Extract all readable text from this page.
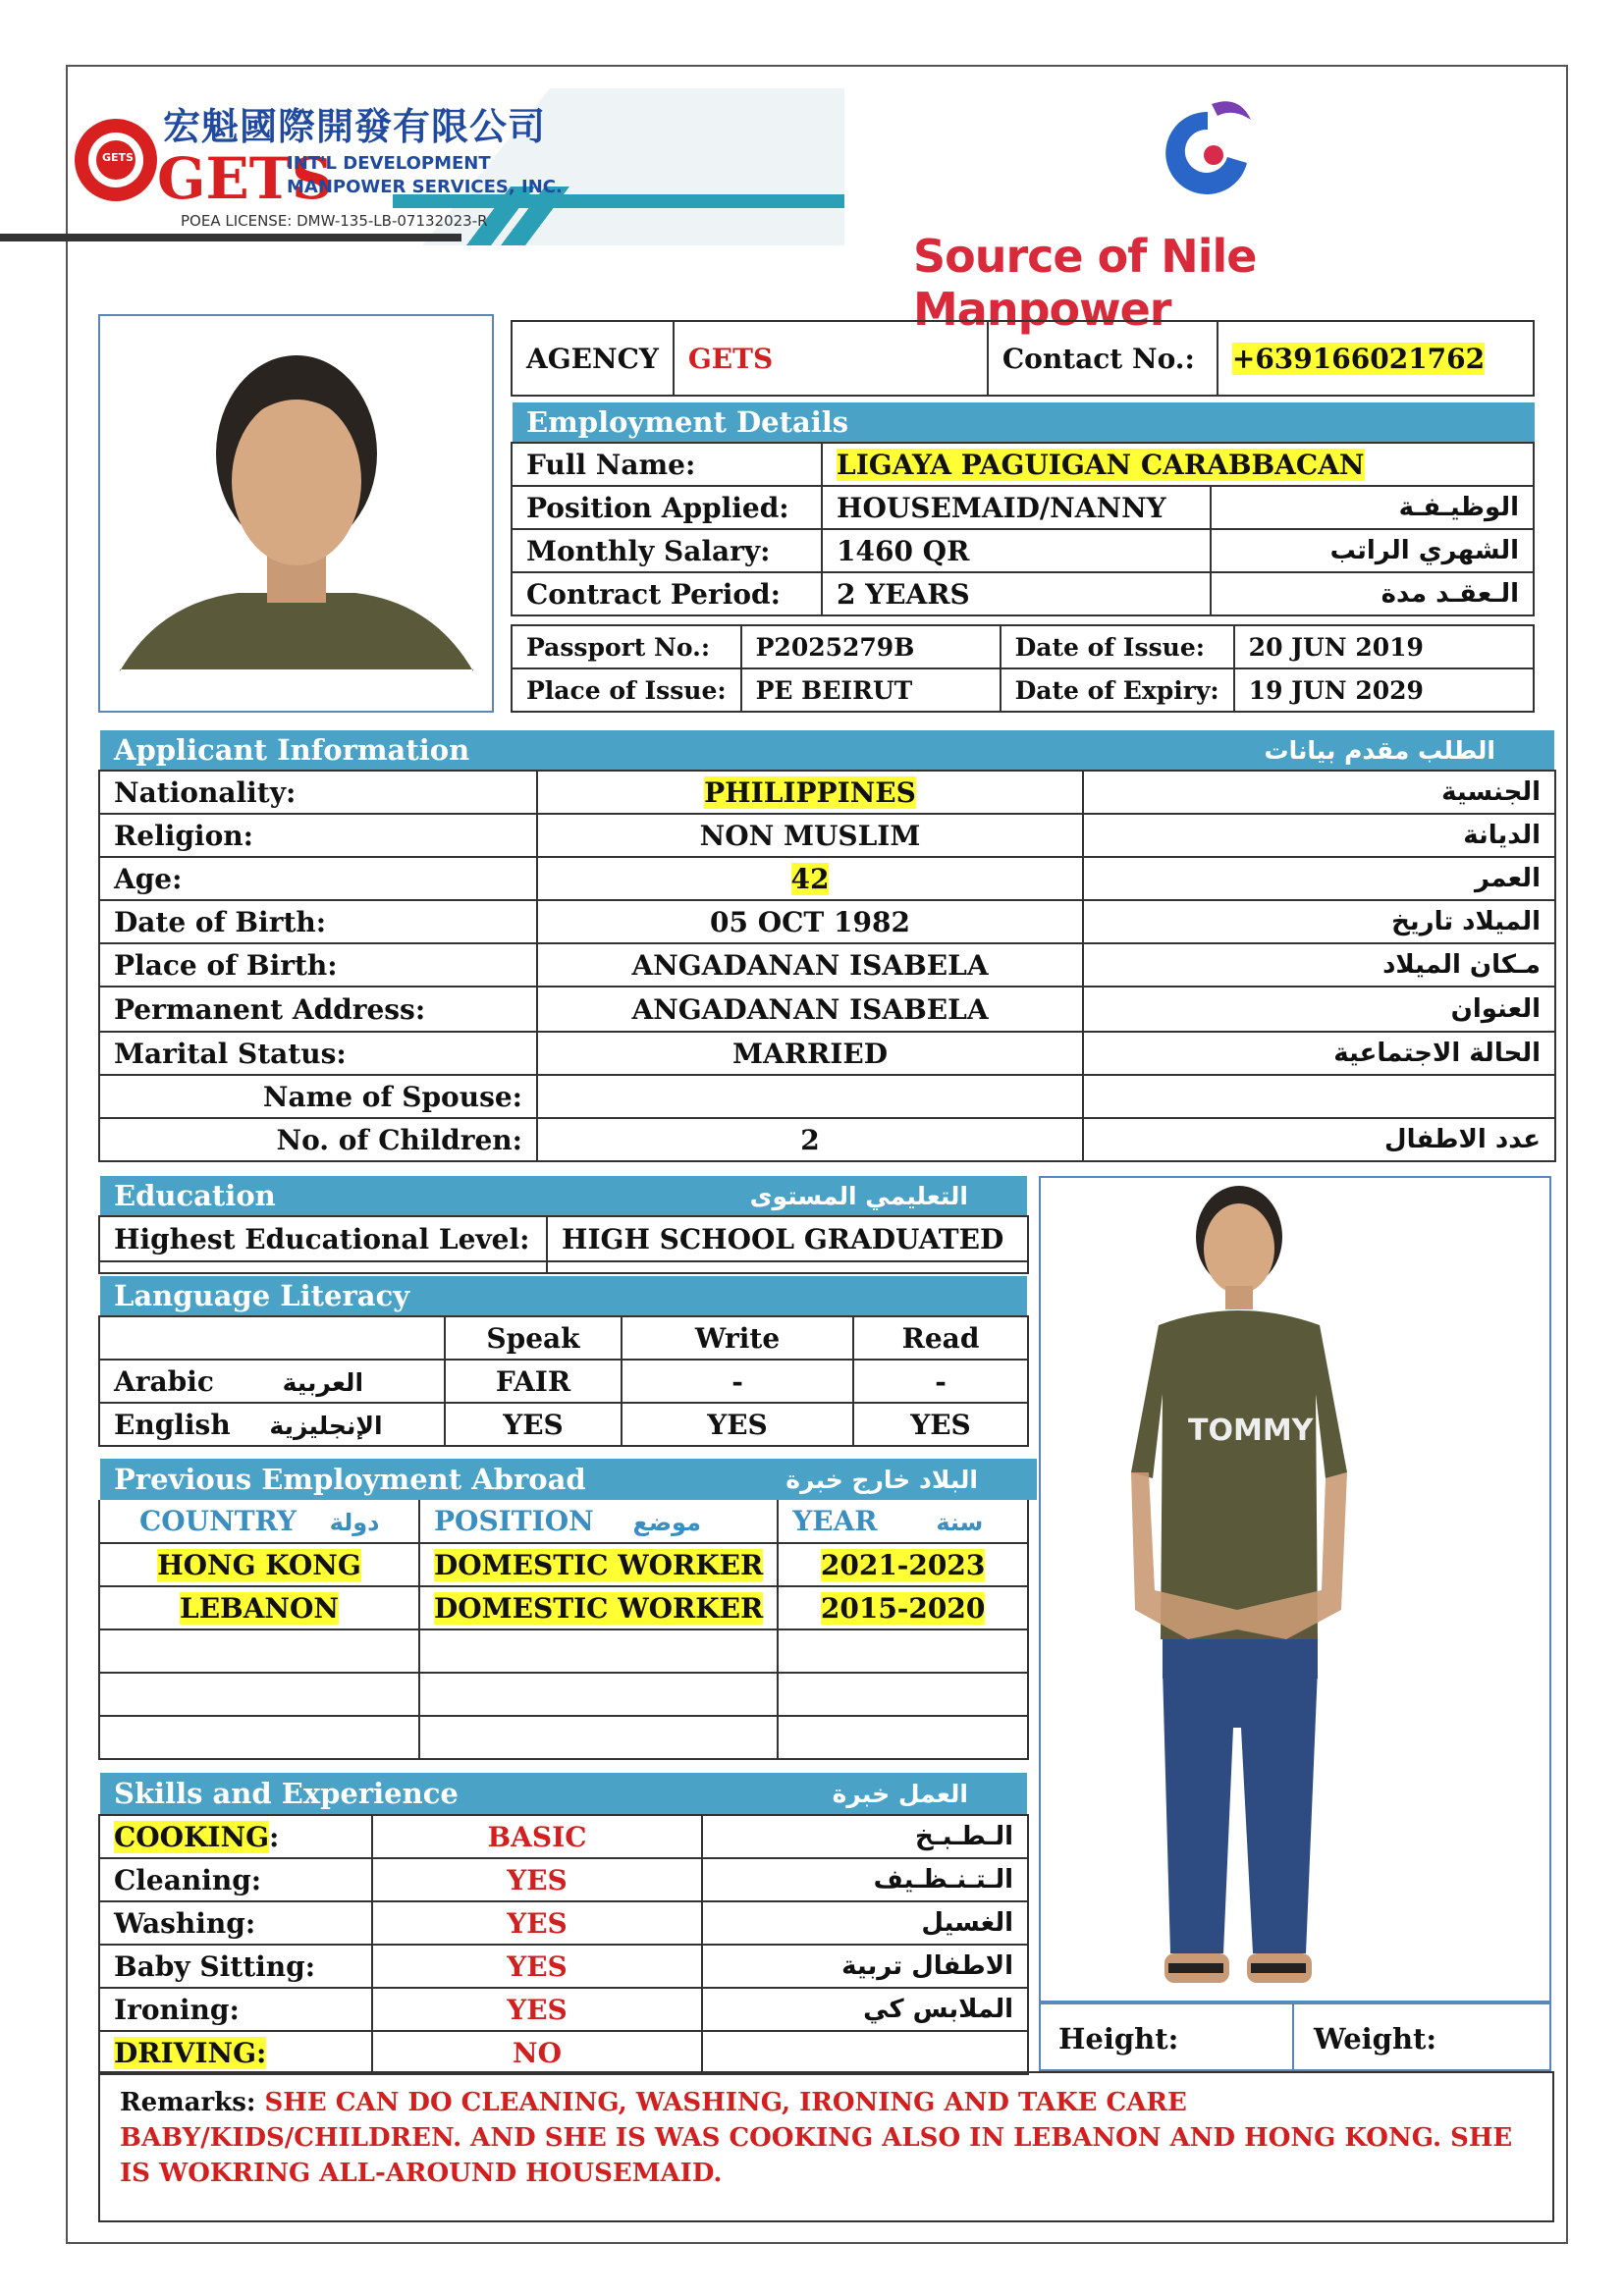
GETS
宏魁國際開發有限公司
GETS
INT'L DEVELOPMENT
MANPOWER SERVICES, INC.
POEA LICENSE: DMW-135-LB-07132023-R
Source of Nile Manpower
AGENCY	GETS	Contact No.:	+639166021762
Employment Details
Full Name:	LIGAYA PAGUIGAN CARABBACAN	
Position Applied:	HOUSEMAID/NANNY	الوظيـفـة
Monthly Salary:	1460 QR	الشهري الراتب
Contract Period:	2 YEARS	الـعقـد مدة
Passport No.:	P2025279B	Date of Issue:	20 JUN 2019
Place of Issue:	PE BEIRUT	Date of Expiry:	19 JUN 2029
Applicant Information	الطلب مقدم بيانات
Nationality:	PHILIPPINES	الجنسية
Religion:	NON MUSLIM	الديانة
Age:	42	العمر
Date of Birth:	05 OCT 1982	الميلاد تاريخ
Place of Birth:	ANGADANAN ISABELA	مـكان الميلاد
Permanent Address:	ANGADANAN ISABELA	العنوان
Marital Status:	MARRIED	الحالة الاجتماعية
Name of Spouse:		
No. of Children:	2	عدد الاطفال
Education	التعليمي المستوى
Highest Educational Level:	HIGH SCHOOL GRADUATED

Language Literacy
	Speak	Write	Read
Arabic العربية	FAIR	-	-
English الإنجليزية	YES	YES	YES
Previous Employment Abroad	البلاد خارج خبرة
COUNTRY دولة	POSITION موضع	YEAR سنة
HONG KONG	DOMESTIC WORKER	2021-2023
LEBANON	DOMESTIC WORKER	2015-2020

Skills and Experience	العمل خبرة
COOKING:	BASIC	الـطـبـخ
Cleaning:	YES	الـتـنـظـيف
Washing:	YES	الغسيل
Baby Sitting:	YES	الاطفال تربية
Ironing:	YES	الملابس كي
DRIVING:	NO	
TOMMY
Height:	Weight:
Remarks: SHE CAN DO CLEANING, WASHING, IRONING AND TAKE CARE BABY/KIDS/CHILDREN. AND SHE IS WAS COOKING ALSO IN LEBANON AND HONG KONG. SHE IS WOKRING ALL-AROUND HOUSEMAID.
